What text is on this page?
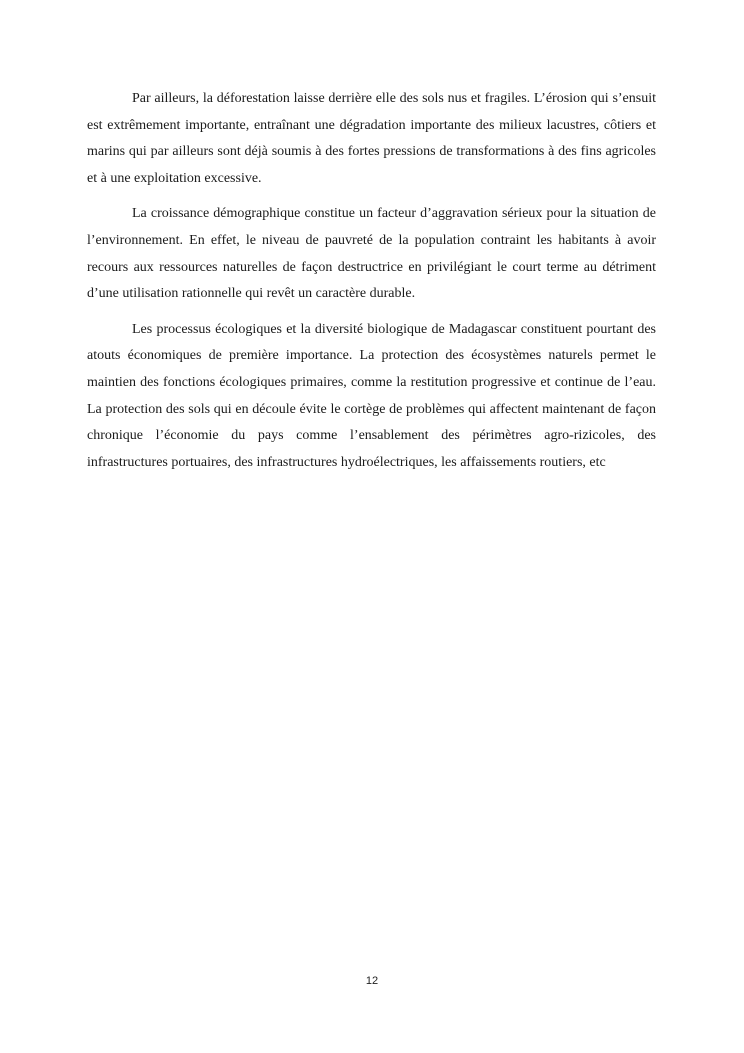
Par ailleurs, la déforestation laisse derrière elle des sols nus et fragiles. L’érosion qui s’ensuit est extrêmement importante, entraînant une dégradation importante des milieux lacustres, côtiers et marins qui par ailleurs sont déjà soumis à des fortes pressions de transformations à des fins agricoles et à une exploitation excessive.

La croissance démographique constitue un facteur d’aggravation sérieux pour la situation de l’environnement. En effet, le niveau de pauvreté de la population contraint les habitants à avoir recours aux ressources naturelles de façon destructrice en privilégiant le court terme au détriment d’une utilisation rationnelle qui revêt un caractère durable.

Les processus écologiques et la diversité biologique de Madagascar constituent pourtant des atouts économiques de première importance. La protection des écosystèmes naturels permet le maintien des fonctions écologiques primaires, comme la restitution progressive et continue de l’eau. La protection des sols qui en découle évite le cortège de problèmes qui affectent maintenant de façon chronique l’économie du pays comme l’ensablement des périmètres agro-rizicoles, des infrastructures portuaires, des infrastructures hydroélectriques, les affaissements routiers, etc

12
